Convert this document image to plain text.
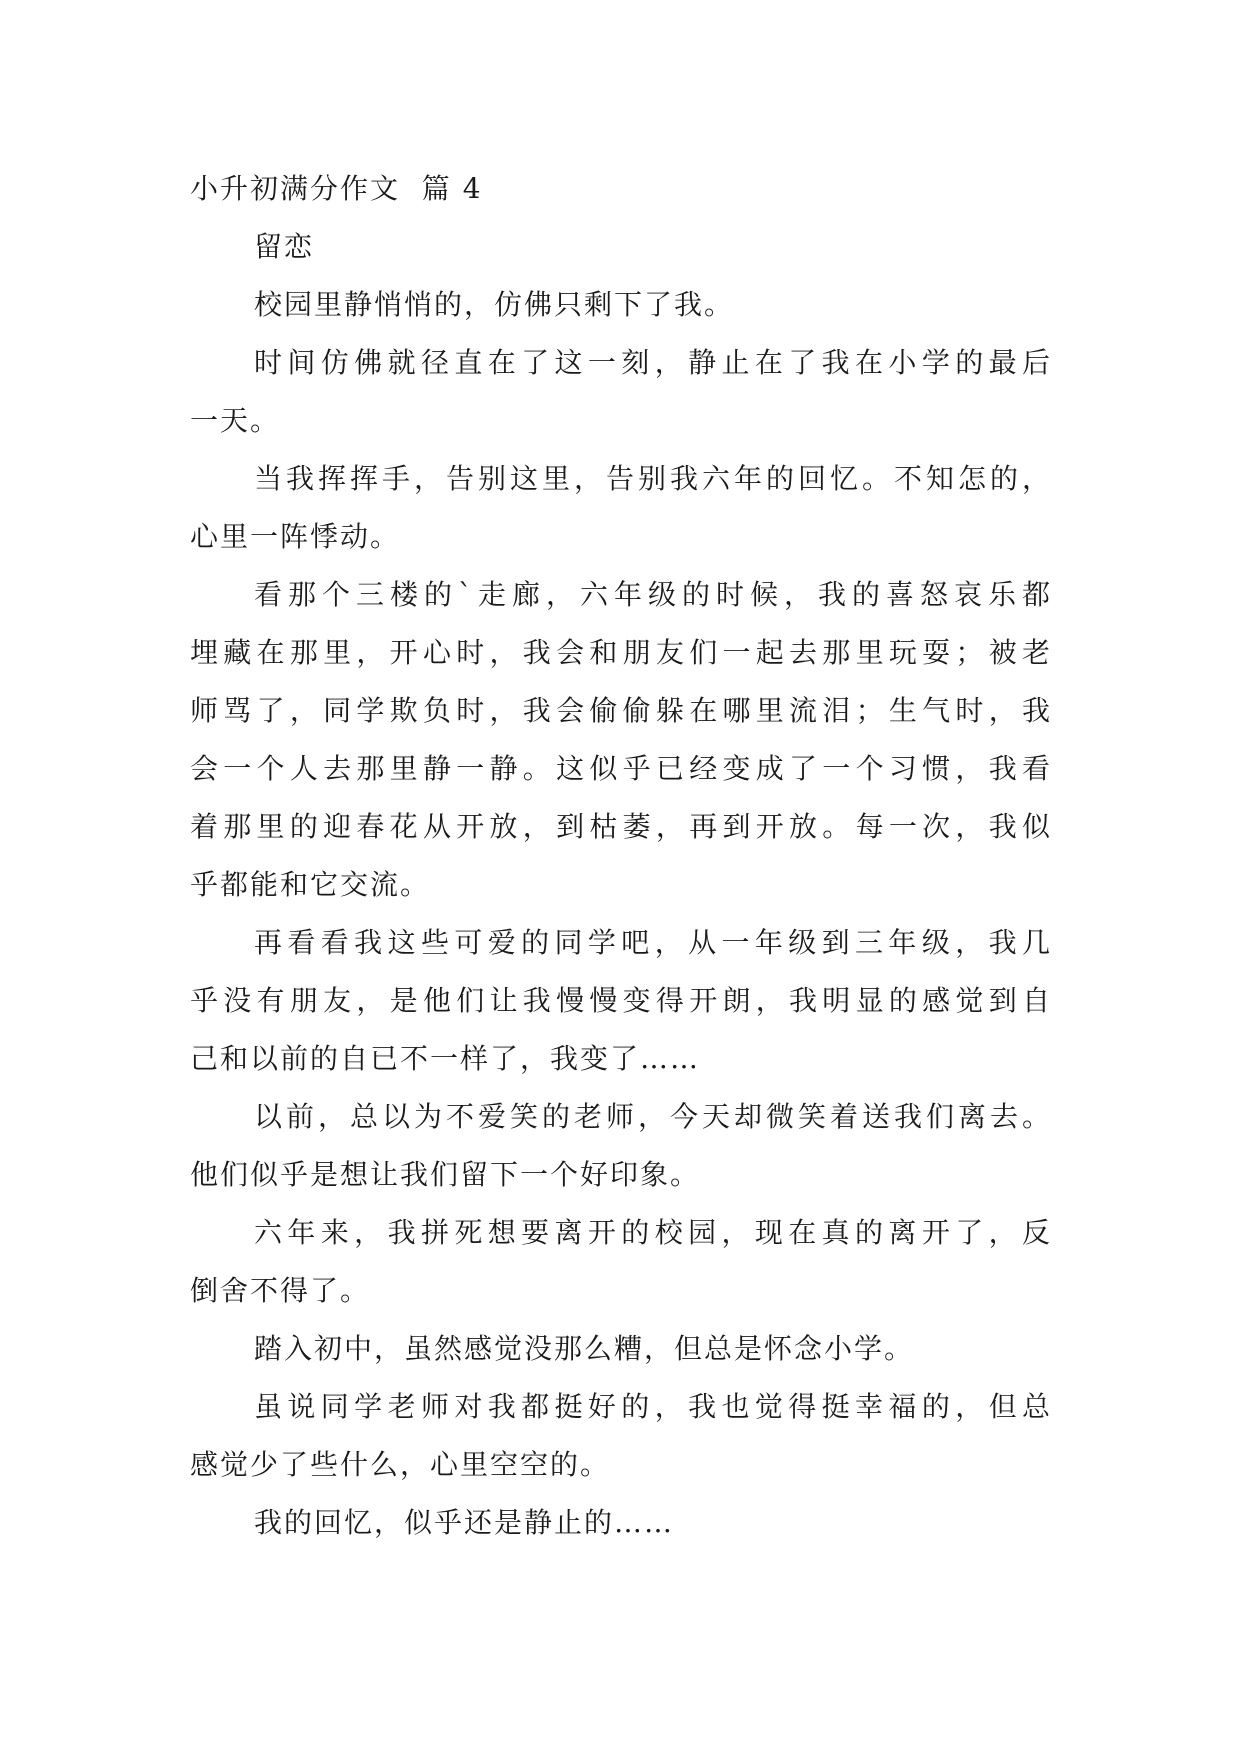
小升初满分作文  篇 4
留恋
校园里静悄悄的，仿佛只剩下了我。
时间仿佛就径直在了这一刻，静止在了我在小学的最后
一天。
当我挥挥手，告别这里，告别我六年的回忆。不知怎的，
心里一阵悸动。
看那个三楼的`走廊，六年级的时候，我的喜怒哀乐都
埋藏在那里，开心时，我会和朋友们一起去那里玩耍；被老
师骂了，同学欺负时，我会偷偷躲在哪里流泪；生气时，我
会一个人去那里静一静。这似乎已经变成了一个习惯，我看
着那里的迎春花从开放，到枯萎，再到开放。每一次，我似
乎都能和它交流。
再看看我这些可爱的同学吧，从一年级到三年级，我几
乎没有朋友，是他们让我慢慢变得开朗，我明显的感觉到自
己和以前的自已不一样了，我变了……
以前，总以为不爱笑的老师，今天却微笑着送我们离去。
他们似乎是想让我们留下一个好印象。
六年来，我拼死想要离开的校园，现在真的离开了，反
倒舍不得了。
踏入初中，虽然感觉没那么糟，但总是怀念小学。
虽说同学老师对我都挺好的，我也觉得挺幸福的，但总
感觉少了些什么，心里空空的。
我的回忆，似乎还是静止的……
